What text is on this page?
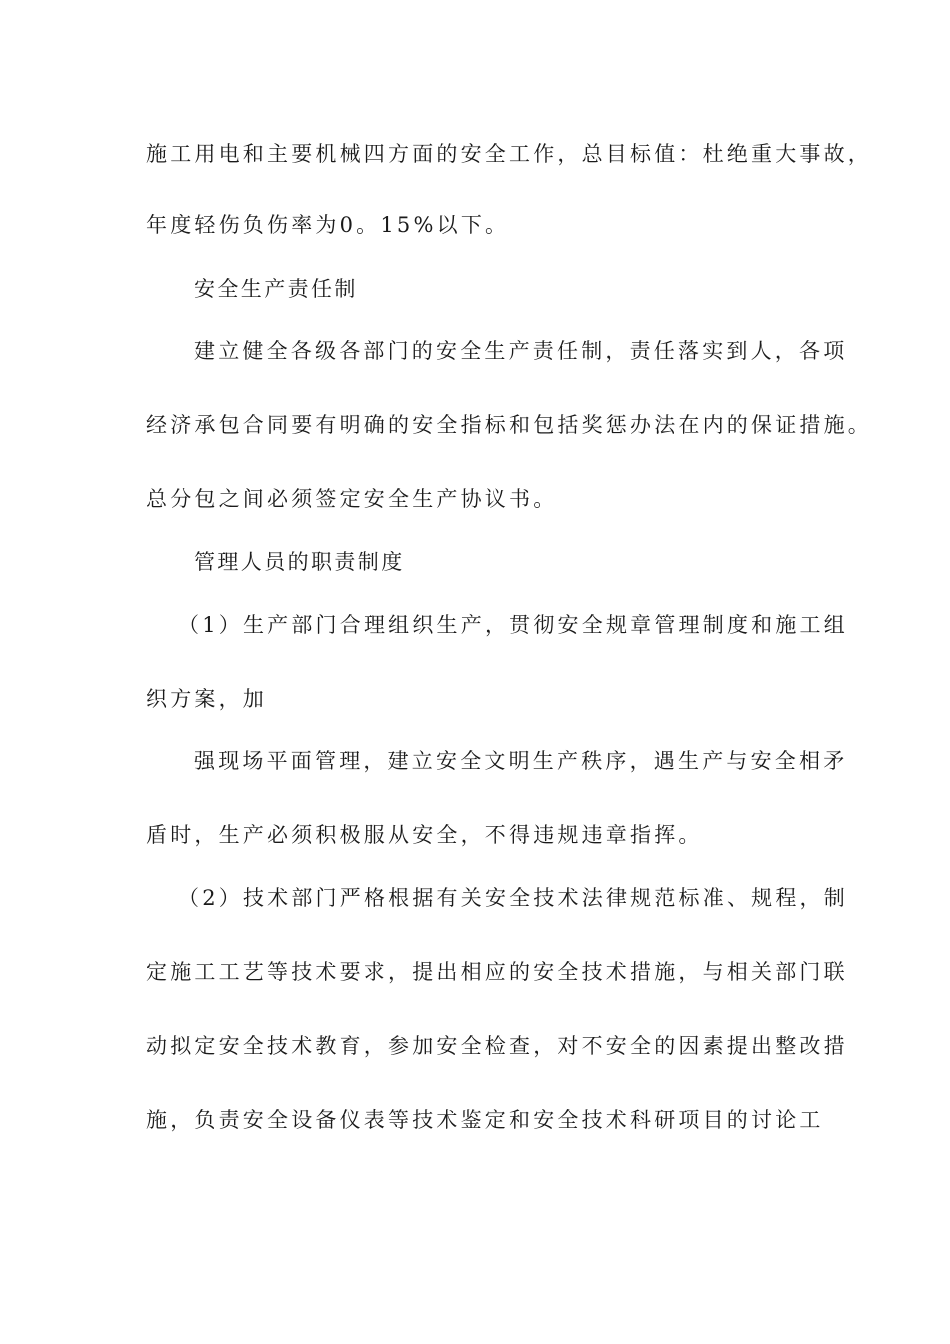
施工用电和主要机械四方面的安全工作，总目标值：杜绝重大事故，
年度轻伤负伤率为0。15%以下。
安全生产责任制
建立健全各级各部门的安全生产责任制，责任落实到人，各项
经济承包合同要有明确的安全指标和包括奖惩办法在内的保证措施。
总分包之间必须签定安全生产协议书。
管理人员的职责制度
（1）生产部门合理组织生产，贯彻安全规章管理制度和施工组
织方案，加
强现场平面管理，建立安全文明生产秩序，遇生产与安全相矛
盾时，生产必须积极服从安全，不得违规违章指挥。
（2）技术部门严格根据有关安全技术法律规范标准、规程，制
定施工工艺等技术要求，提出相应的安全技术措施，与相关部门联
动拟定安全技术教育，参加安全检查，对不安全的因素提出整改措
施，负责安全设备仪表等技术鉴定和安全技术科研项目的讨论工
